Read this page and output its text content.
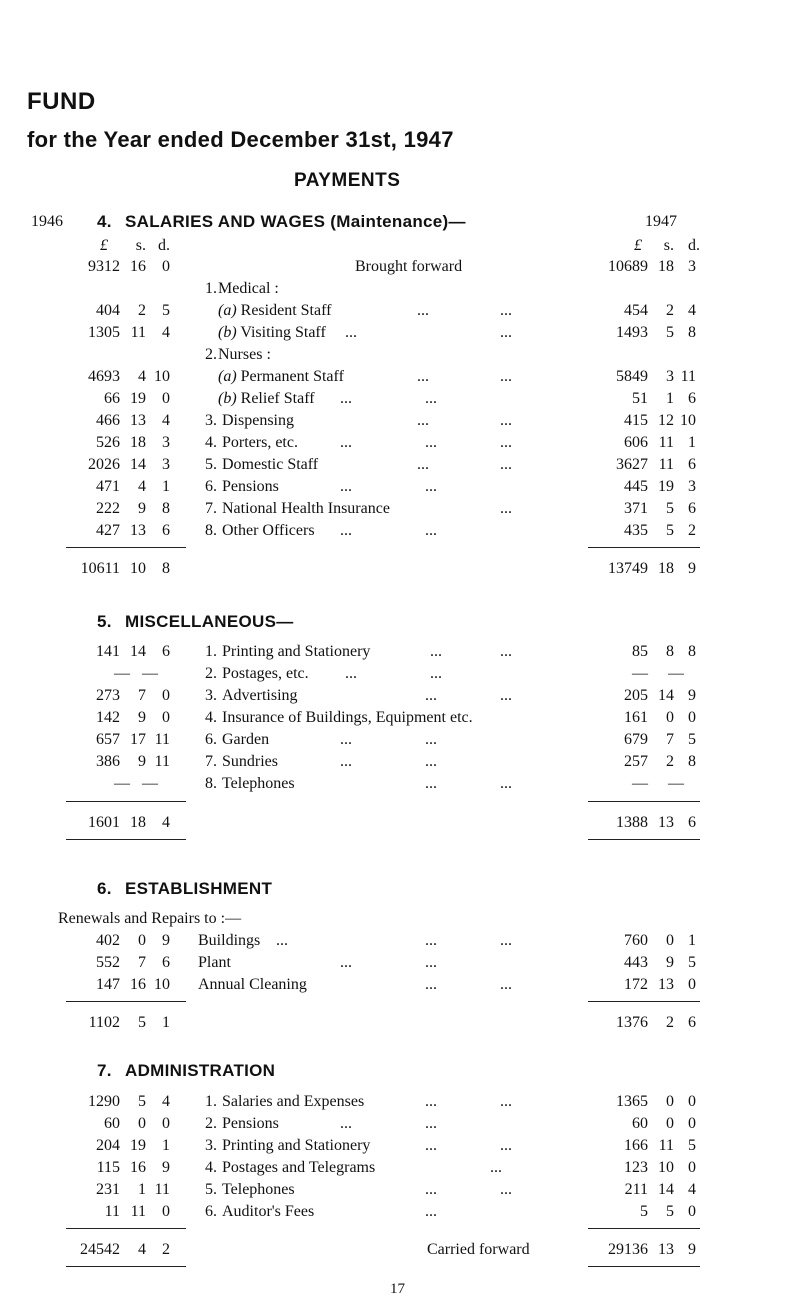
FUND
for the Year ended December 31st, 1947
PAYMENTS
1946 4. SALARIES AND WAGES (Maintenance)—	1947
£	s. d.	£	s. d.
9312 16	0	Brought forward	10689 18 3
1. Medical :
404	2	5	(a) Resident Staff	...	...	454	2 4
1305 11	4	(b) Visiting Staff ...	...	1493	5 8
2. Nurses :
4693	4 10	(a) Permanent Staff	...	...	5849	3 11
66 19	0	(b) Relief Staff ...	...	51	1 6
466 13	4	3. Dispensing	...	...	415 12 10
526 18	3	4. Porters, etc.	...	...	...	606 11 1
2026 14	3	5. Domestic Staff	...	...	3627 11 6
471	4	1	6. Pensions	...	...	445 19 3
222	9	8	7. National Health Insurance	...	371	5 6
427 13	6	8. Other Officers ...	...	435	5 2
10611 10	8	13749 18 9
5. MISCELLANEOUS—
141 14	6	1. Printing and Stationery	...	...	85	8 8
— —	2. Postages, etc. ...	...	—	—
273	7	0	3. Advertising	...	...	205 14 9
142	9	0	4. Insurance of Buildings, Equipment etc.	161	0 0
657 17 11	6. Garden	...	...	679	7 5
386	9 11	7. Sundries	...	...	257	2 8
— —	8. Telephones	...	...	—	—
1601 18	4	1388 13 6
6. ESTABLISHMENT
Renewals and Repairs to :—
402	0	9 Buildings ...	...	...	760	0 1
552	7	6 Plant	...	...	443	9 5
147 16 10 Annual Cleaning	...	...	172 13 0
1102	5	1	1376	2 6
7. ADMINISTRATION
1290	5	4	1. Salaries and Expenses	...	...	1365	0 0
60	0	0	2. Pensions	...	...	60	0 0
204 19	1	3. Printing and Stationery	...	...	166 11 5
115 16	9	4. Postages and Telegrams	...	123 10 0
231	1 11	5. Telephones	...	...	211 14 4
11 11	0	6. Auditor's Fees	...	5	5 0
24542	4	2	Carried forward	29136 13 9
17
